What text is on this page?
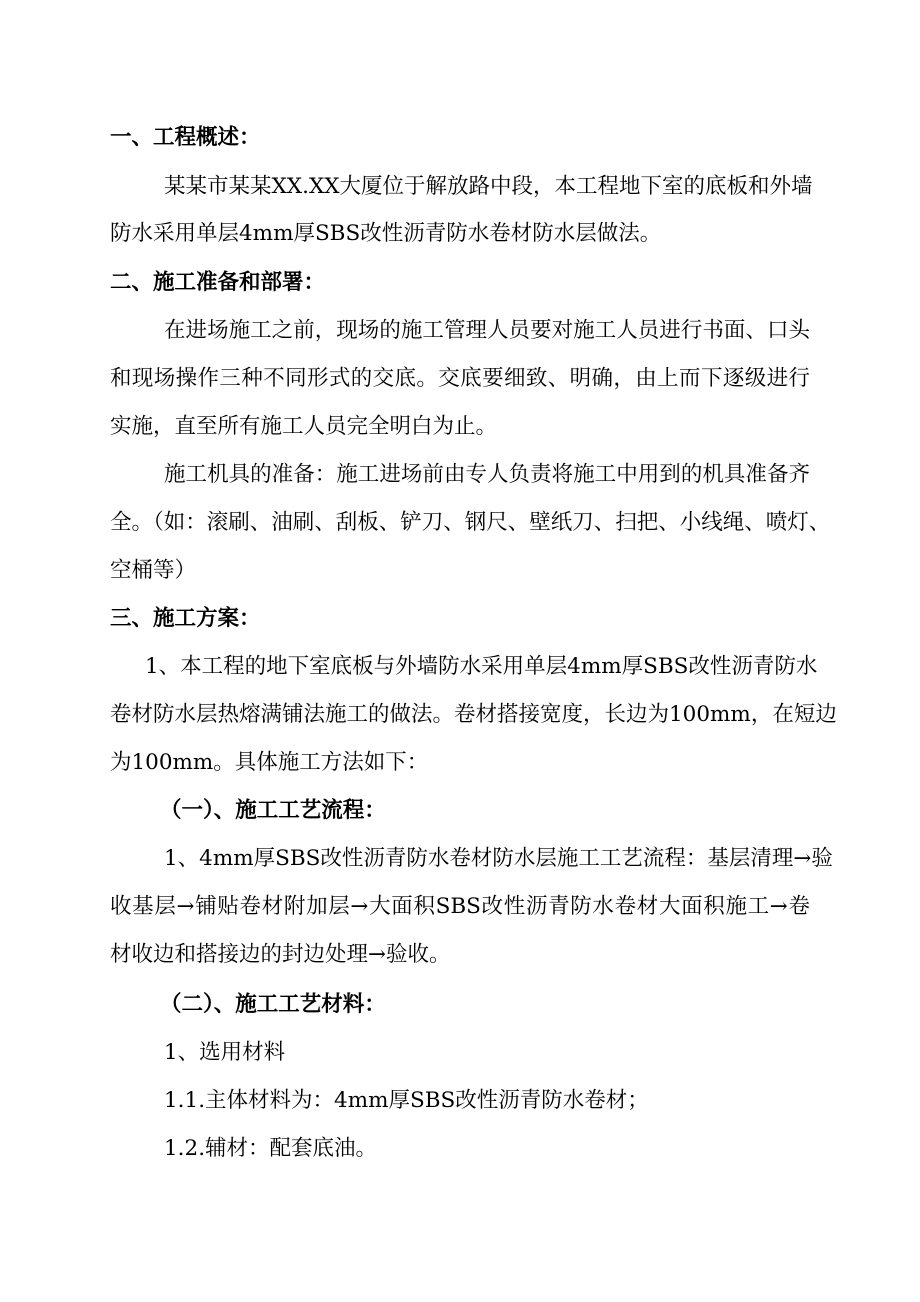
一、工程概述：
某某市某某XX.XX大厦位于解放路中段，本工程地下室的底板和外墙
防水采用单层4mm厚SBS改性沥青防水卷材防水层做法。
二、施工准备和部署：
在进场施工之前，现场的施工管理人员要对施工人员进行书面、口头
和现场操作三种不同形式的交底。交底要细致、明确，由上而下逐级进行
实施，直至所有施工人员完全明白为止。
施工机具的准备：施工进场前由专人负责将施工中用到的机具准备齐
全。（如：滚刷、油刷、刮板、铲刀、钢尺、壁纸刀、扫把、小线绳、喷灯、
空桶等）
三、施工方案：
1、本工程的地下室底板与外墙防水采用单层4mm厚SBS改性沥青防水
卷材防水层热熔满铺法施工的做法。卷材搭接宽度，长边为100mm，在短边
为100mm。具体施工方法如下：
（一）、施工工艺流程：
1、4mm厚SBS改性沥青防水卷材防水层施工工艺流程：基层清理→验
收基层→铺贴卷材附加层→大面积SBS改性沥青防水卷材大面积施工→卷
材收边和搭接边的封边处理→验收。
（二）、施工工艺材料：
1、选用材料
1.1.主体材料为：4mm厚SBS改性沥青防水卷材；
1.2.辅材：配套底油。
